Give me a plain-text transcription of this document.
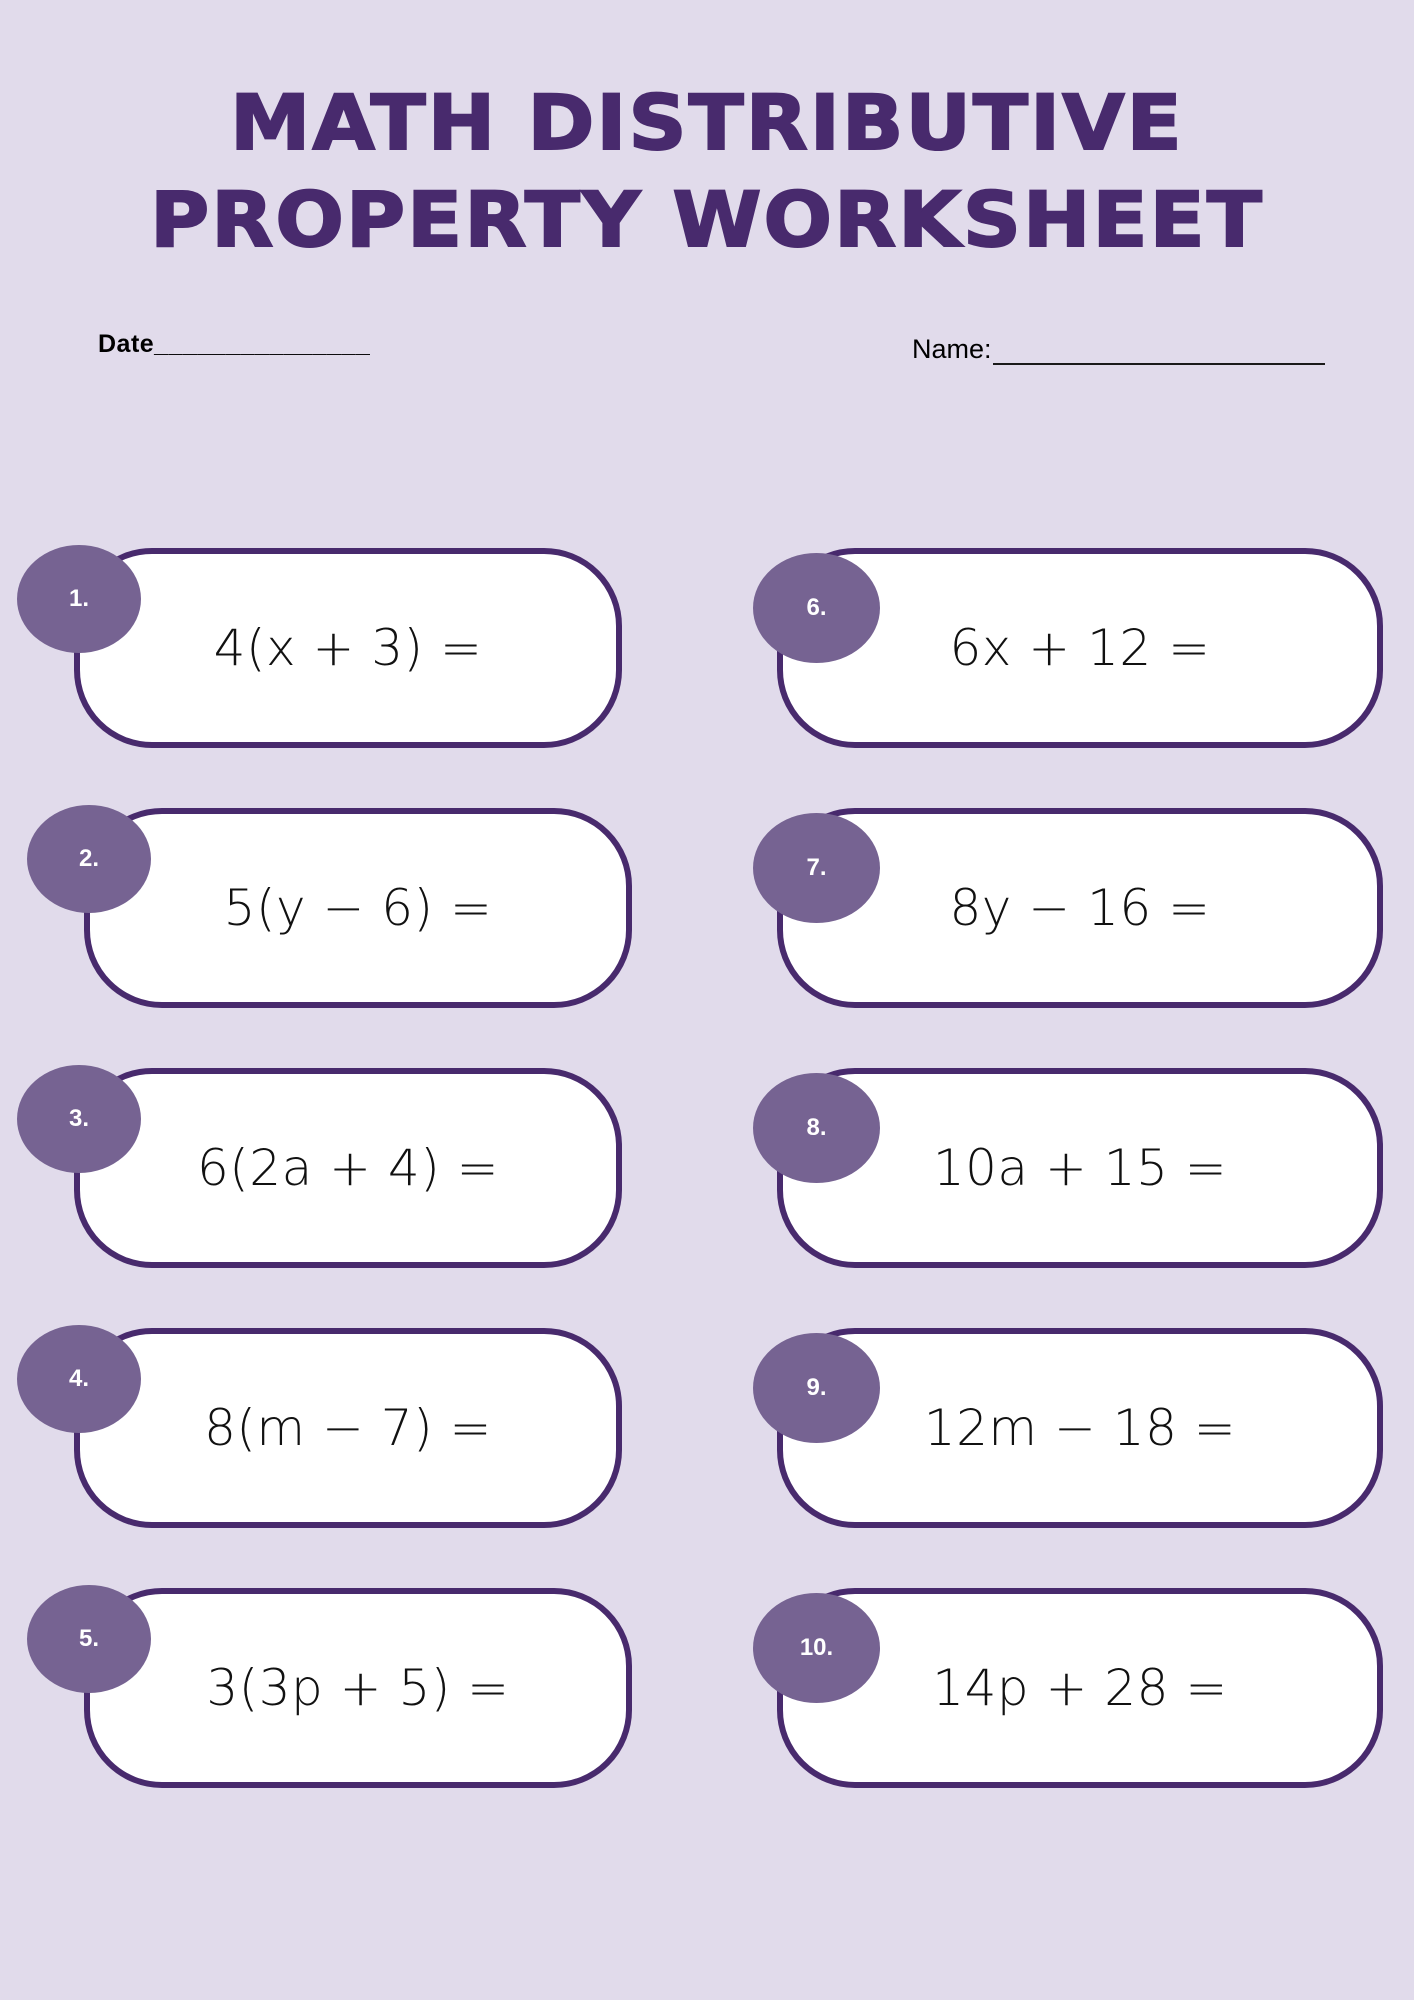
MATH DISTRIBUTIVE
PROPERTY WORKSHEET
Date_______________	Name:
4(x + 3) =
1.
5(y − 6) =
2.
6(2a + 4) =
3.
8(m − 7) =
4.
3(3p + 5) =
5.
6x + 12 =
6.
8y − 16 =
7.
10a + 15 =
8.
12m − 18 =
9.
14p + 28 =
10.
